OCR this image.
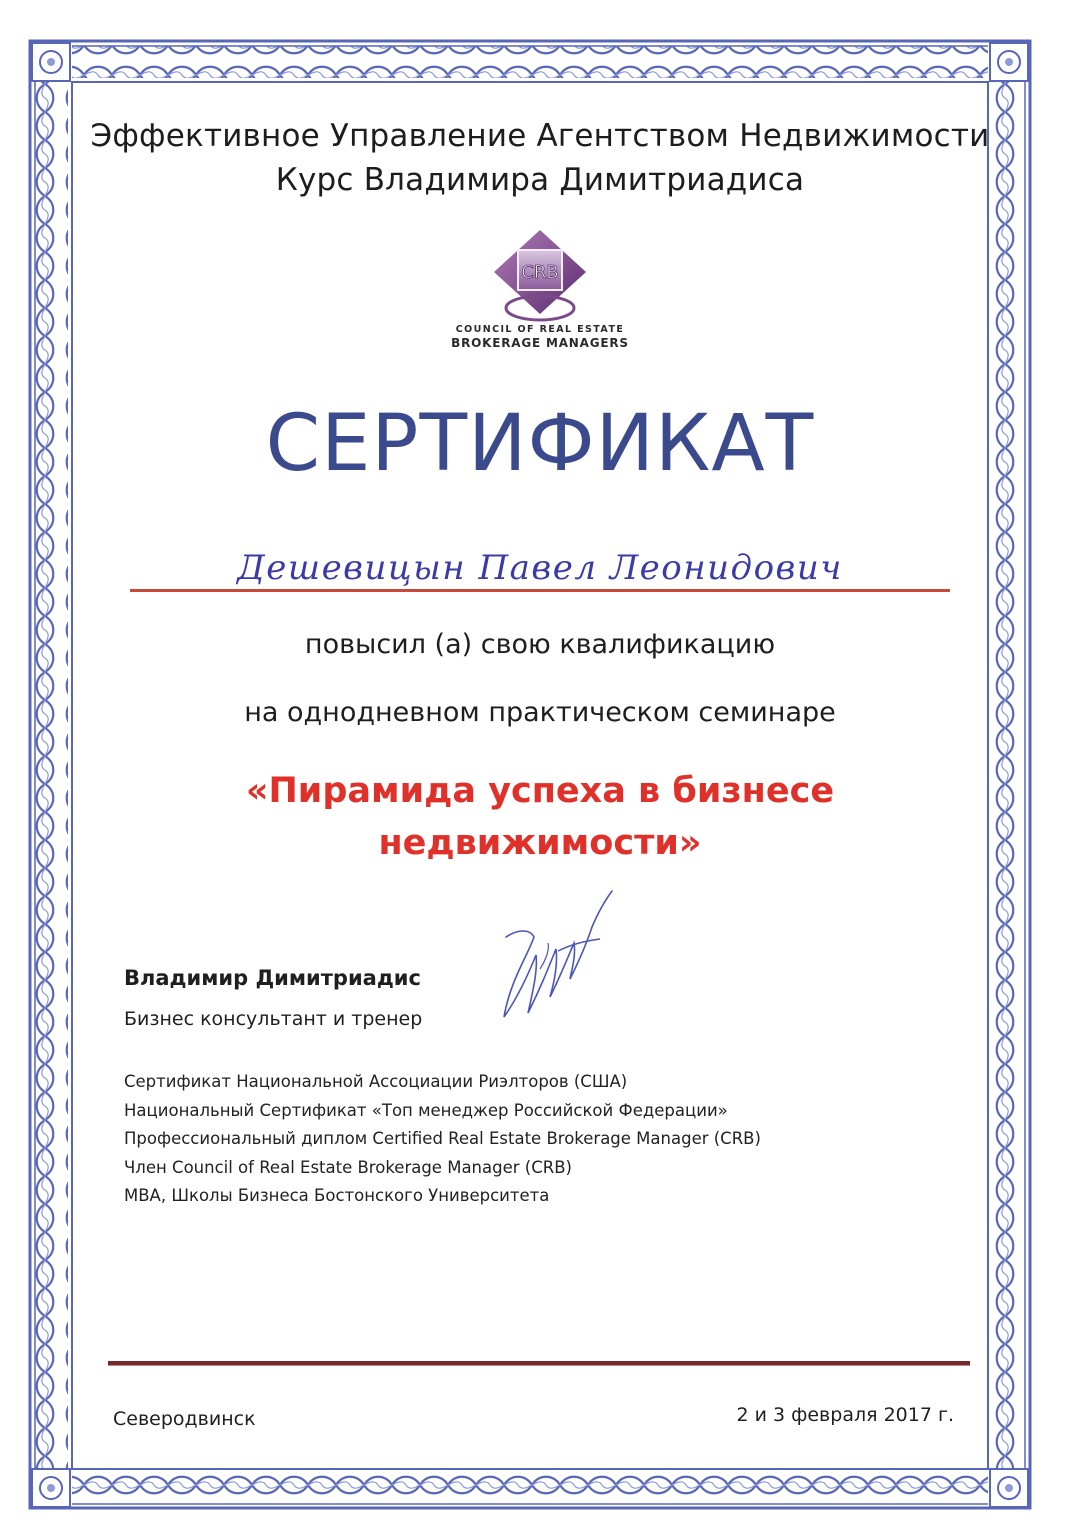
Эффективное Управление Агентством Недвижимости
Курс Владимира Димитриадиса
CRB
COUNCIL OF REAL ESTATE
BROKERAGE MANAGERS
СЕРТИФИКАТ
Дешевицын Павел Леонидович
повысил (а) свою квалификацию
на однодневном практическом семинаре
«Пирамида успеха в бизнесе
недвижимости»
Владимир Димитриадис
Бизнес консультант и тренер
Сертификат Национальной Ассоциации Риэлторов (США)
Национальный Сертификат «Топ менеджер Российской Федерации»
Профессиональный диплом Certified Real Estate Brokerage Manager (CRB)
Член Council of Real Estate Brokerage Manager (CRB)
MBA, Школы Бизнеса Бостонского Университета
Северодвинск	2 и 3 февраля 2017 г.
